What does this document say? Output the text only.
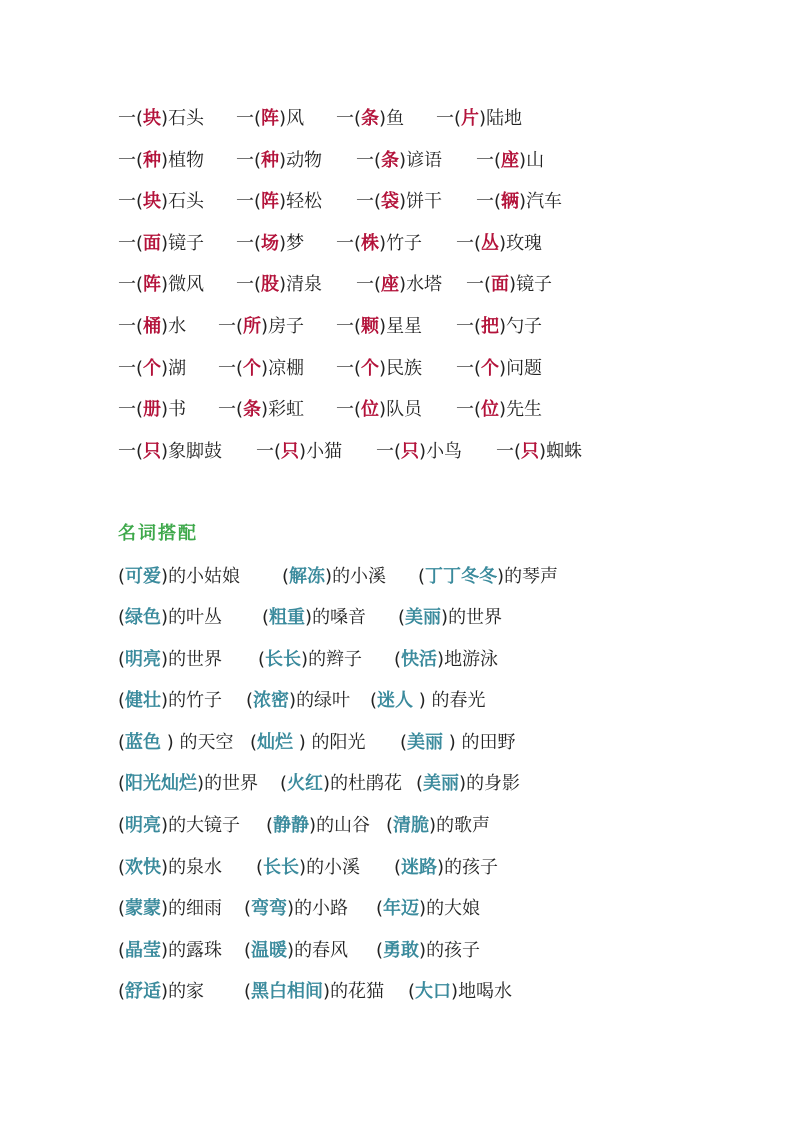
一(块)石头 一(阵)风 一(条)鱼 一(片)陆地
一(种)植物 一(种)动物 一(条)谚语 一(座)山
一(块)石头 一(阵)轻松 一(袋)饼干 一(辆)汽车
一(面)镜子 一(场)梦 一(株)竹子 一(丛)玫瑰
一(阵)微风 一(股)清泉 一(座)水塔 一(面)镜子
一(桶)水 一(所)房子 一(颗)星星 一(把)勺子
一(个)湖 一(个)凉棚 一(个)民族 一(个)问题
一(册)书 一(条)彩虹 一(位)队员 一(位)先生
一(只)象脚鼓 一(只)小猫 一(只)小鸟 一(只)蜘蛛
名词搭配
(可爱)的小姑娘 (解冻)的小溪 (丁丁冬冬)的琴声
(绿色)的叶丛 (粗重)的嗓音 (美丽)的世界
(明亮)的世界 (长长)的辫子 (快活)地游泳
(健壮)的竹子 (浓密)的绿叶 (迷人 ) 的春光
(蓝色 ) 的天空 (灿烂 ) 的阳光 (美丽 ) 的田野
(阳光灿烂)的世界 (火红)的杜鹃花 (美丽)的身影
(明亮)的大镜子 (静静)的山谷 (清脆)的歌声
(欢快)的泉水 (长长)的小溪 (迷路)的孩子
(蒙蒙)的细雨 (弯弯)的小路 (年迈)的大娘
(晶莹)的露珠 (温暖)的春风 (勇敢)的孩子
(舒适)的家 (黑白相间)的花猫 (大口)地喝水
